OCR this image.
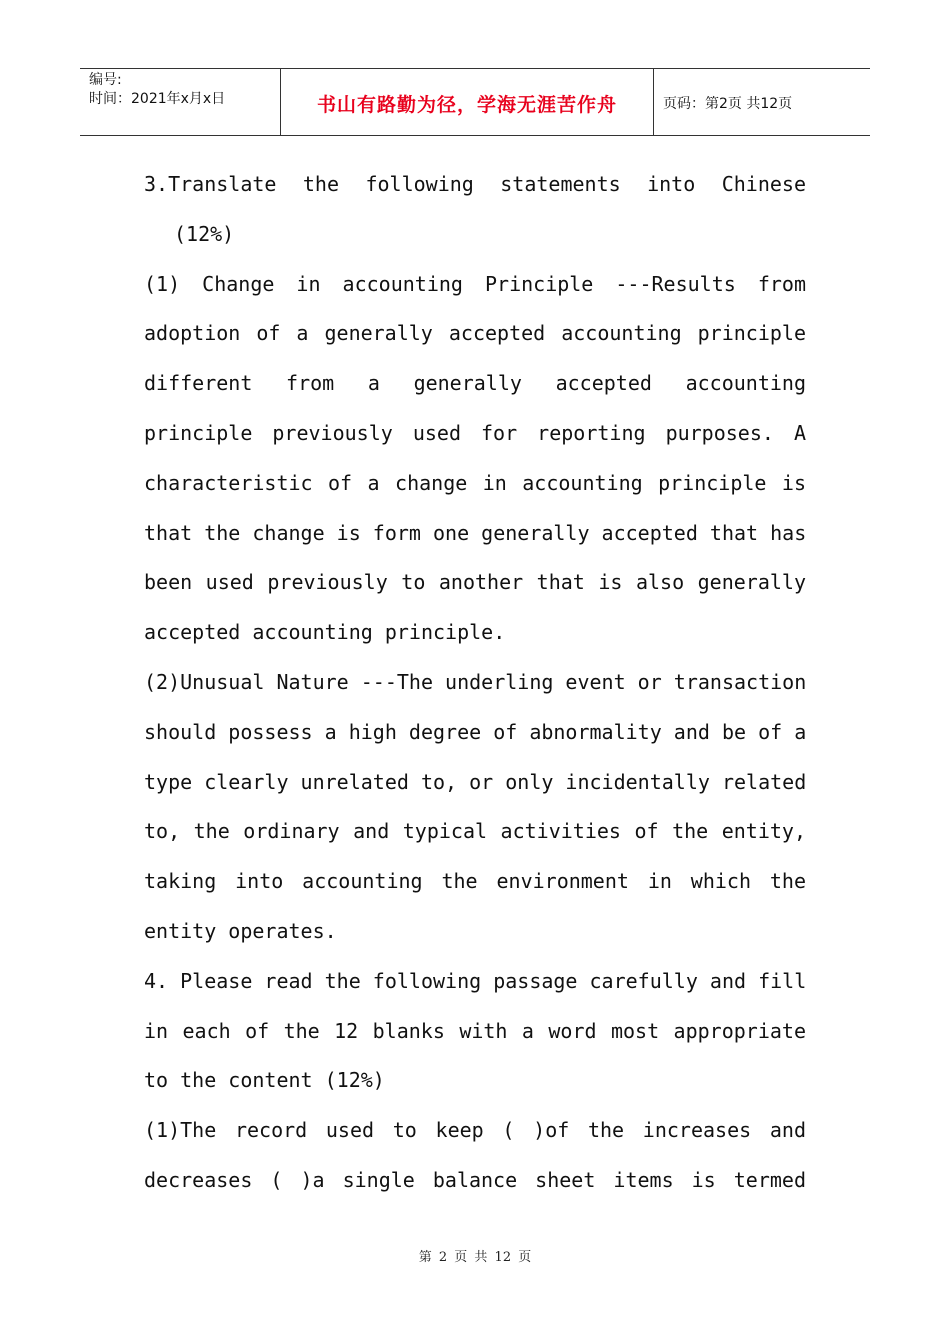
编号:
时间：2021年x月x日	书山有路勤为径，学海无涯苦作舟	页码：第2页 共12页
3.Translate the following statements into Chinese
(12%)
(1) Change in accounting Principle ---Results from
adoption of a generally accepted accounting principle
different from a generally accepted accounting
principle previously used for reporting purposes. A
characteristic of a change in accounting principle is
that the change is form one generally accepted that has
been used previously to another that is also generally
accepted accounting principle.
(2)Unusual Nature ---The underling event or transaction
should possess a high degree of abnormality and be of a
type clearly unrelated to, or only incidentally related
to, the ordinary and typical activities of the entity,
taking into accounting the environment in which the
entity operates.
4. Please read the following passage carefully and fill
in each of the 12 blanks with a word most appropriate
to the content (12%)
(1)The record used to keep ( )of the increases and
decreases ( )a single balance sheet items is termed
第 2 页 共 12 页
